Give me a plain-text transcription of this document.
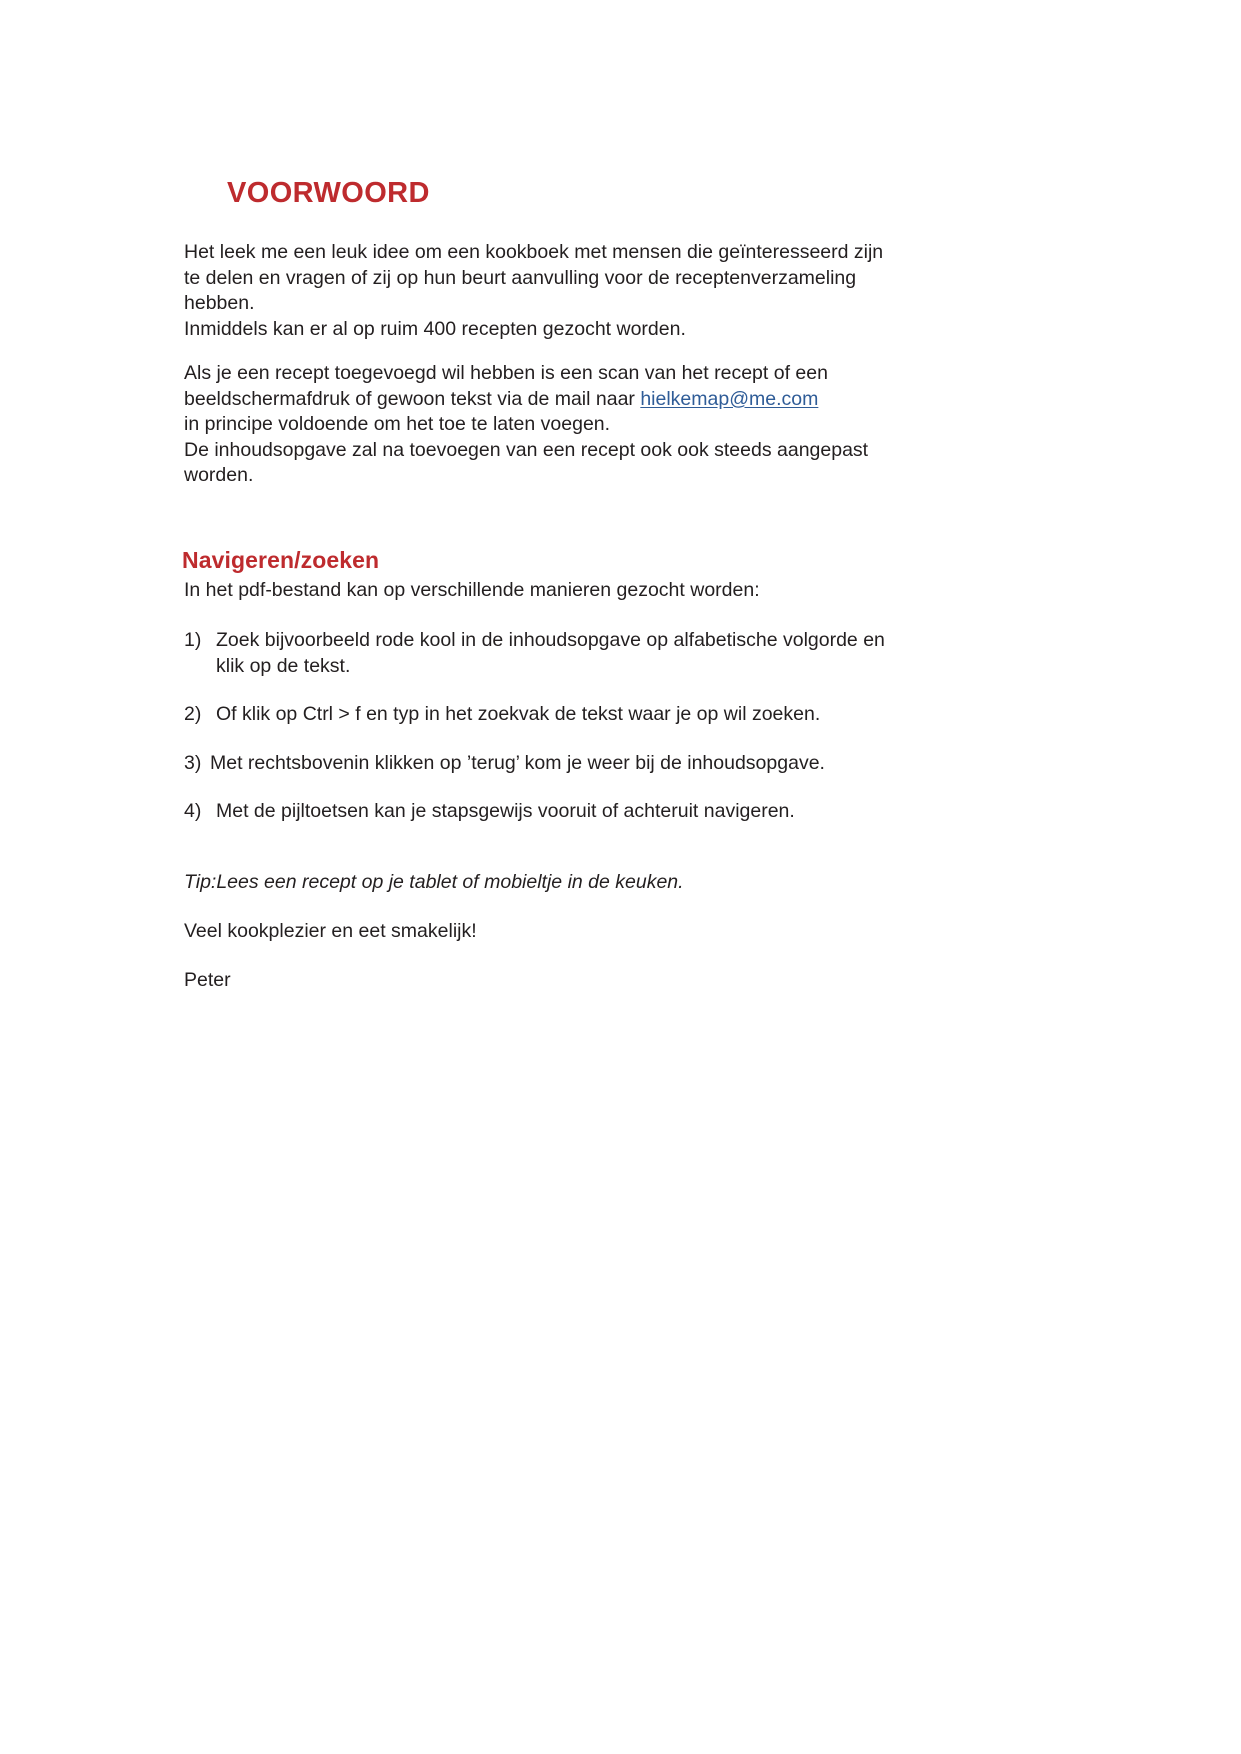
VOORWOORD
Het leek me een leuk idee om een kookboek met mensen die geïnteresseerd zijn
te delen en vragen of zij op hun beurt aanvulling voor de receptenverzameling
hebben.
Inmiddels kan er al op ruim 400 recepten gezocht worden.
Als je een recept toegevoegd wil hebben is een scan van het recept of een
beeldschermafdruk of gewoon tekst via de mail naar hielkemap@me.com
in principe voldoende om het toe te laten voegen.
De inhoudsopgave zal na toevoegen van een recept ook ook steeds aangepast
worden.
Navigeren/zoeken
In het pdf-bestand kan op verschillende manieren gezocht worden:
1) Zoek bijvoorbeeld rode kool in de inhoudsopgave op alfabetische volgorde en
klik op de tekst.
2) Of klik op Ctrl > f en typ in het zoekvak de tekst waar je op wil zoeken.
3) Met rechtsbovenin klikken op ’terug’ kom je weer bij de inhoudsopgave.
4) Met de pijltoetsen kan je stapsgewijs vooruit of achteruit navigeren.
Tip:Lees een recept op je tablet of mobieltje in de keuken.
Veel kookplezier en eet smakelijk!
Peter
